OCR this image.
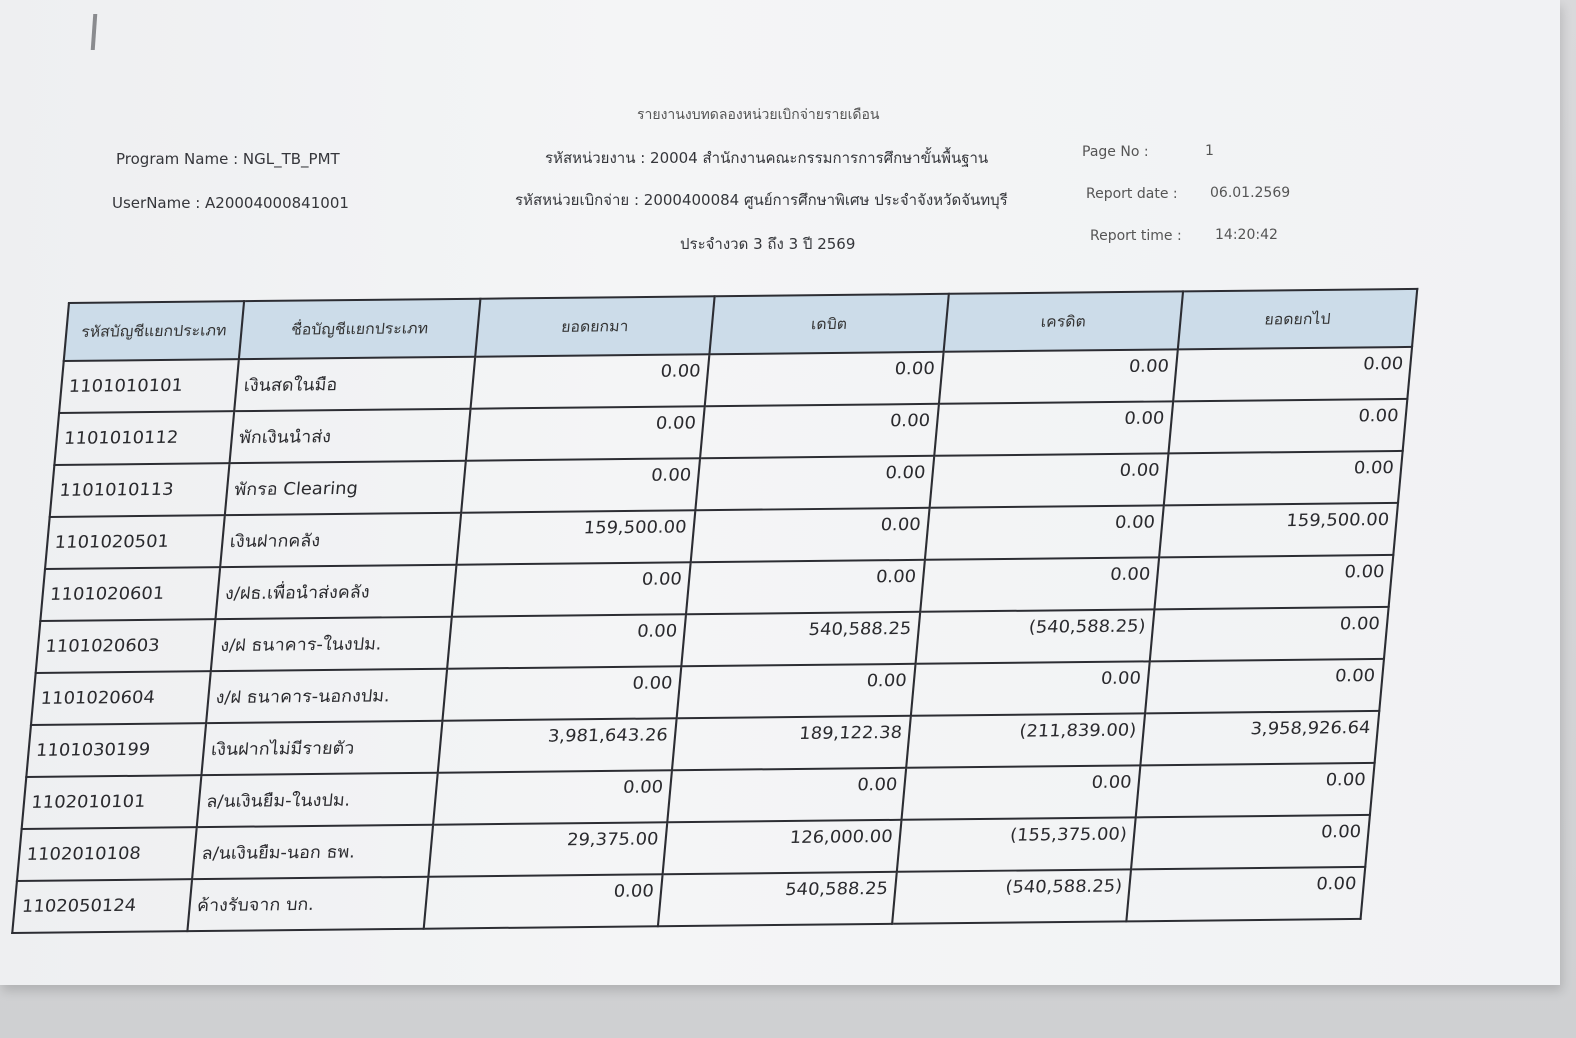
รายงานงบทดลองหน่วยเบิกจ่ายรายเดือน
Program Name : NGL_TB_PMT
UserName : A20004000841001
รหัสหน่วยงาน : 20004 สำนักงานคณะกรรมการการศึกษาขั้นพื้นฐาน
รหัสหน่วยเบิกจ่าย : 2000400084 ศูนย์การศึกษาพิเศษ ประจำจังหวัดจันทบุรี
ประจำงวด 3 ถึง 3 ปี 2569
Page No :	1
Report date : 06.01.2569
Report time : 14:20:42
รหัสบัญชีแยกประเภท	ชื่อบัญชีแยกประเภท	ยอดยกมา	เดบิต	เครดิต	ยอดยกไป
1101010101	เงินสดในมือ	0.00	0.00	0.00	0.00
1101010112	พักเงินนำส่ง	0.00	0.00	0.00	0.00
1101010113	พักรอ Clearing	0.00	0.00	0.00	0.00
1101020501	เงินฝากคลัง	159,500.00	0.00	0.00	159,500.00
1101020601	ง/ฝธ.เพื่อนำส่งคลัง	0.00	0.00	0.00	0.00
1101020603	ง/ฝ ธนาคาร-ในงปม.	0.00	540,588.25	(540,588.25)	0.00
1101020604	ง/ฝ ธนาคาร-นอกงปม.	0.00	0.00	0.00	0.00
1101030199	เงินฝากไม่มีรายตัว	3,981,643.26	189,122.38	(211,839.00)	3,958,926.64
1102010101	ล/นเงินยืม-ในงปม.	0.00	0.00	0.00	0.00
1102010108	ล/นเงินยืม-นอก ธพ.	29,375.00	126,000.00	(155,375.00)	0.00
1102050124	ค้างรับจาก บก.	0.00	540,588.25	(540,588.25)	0.00
